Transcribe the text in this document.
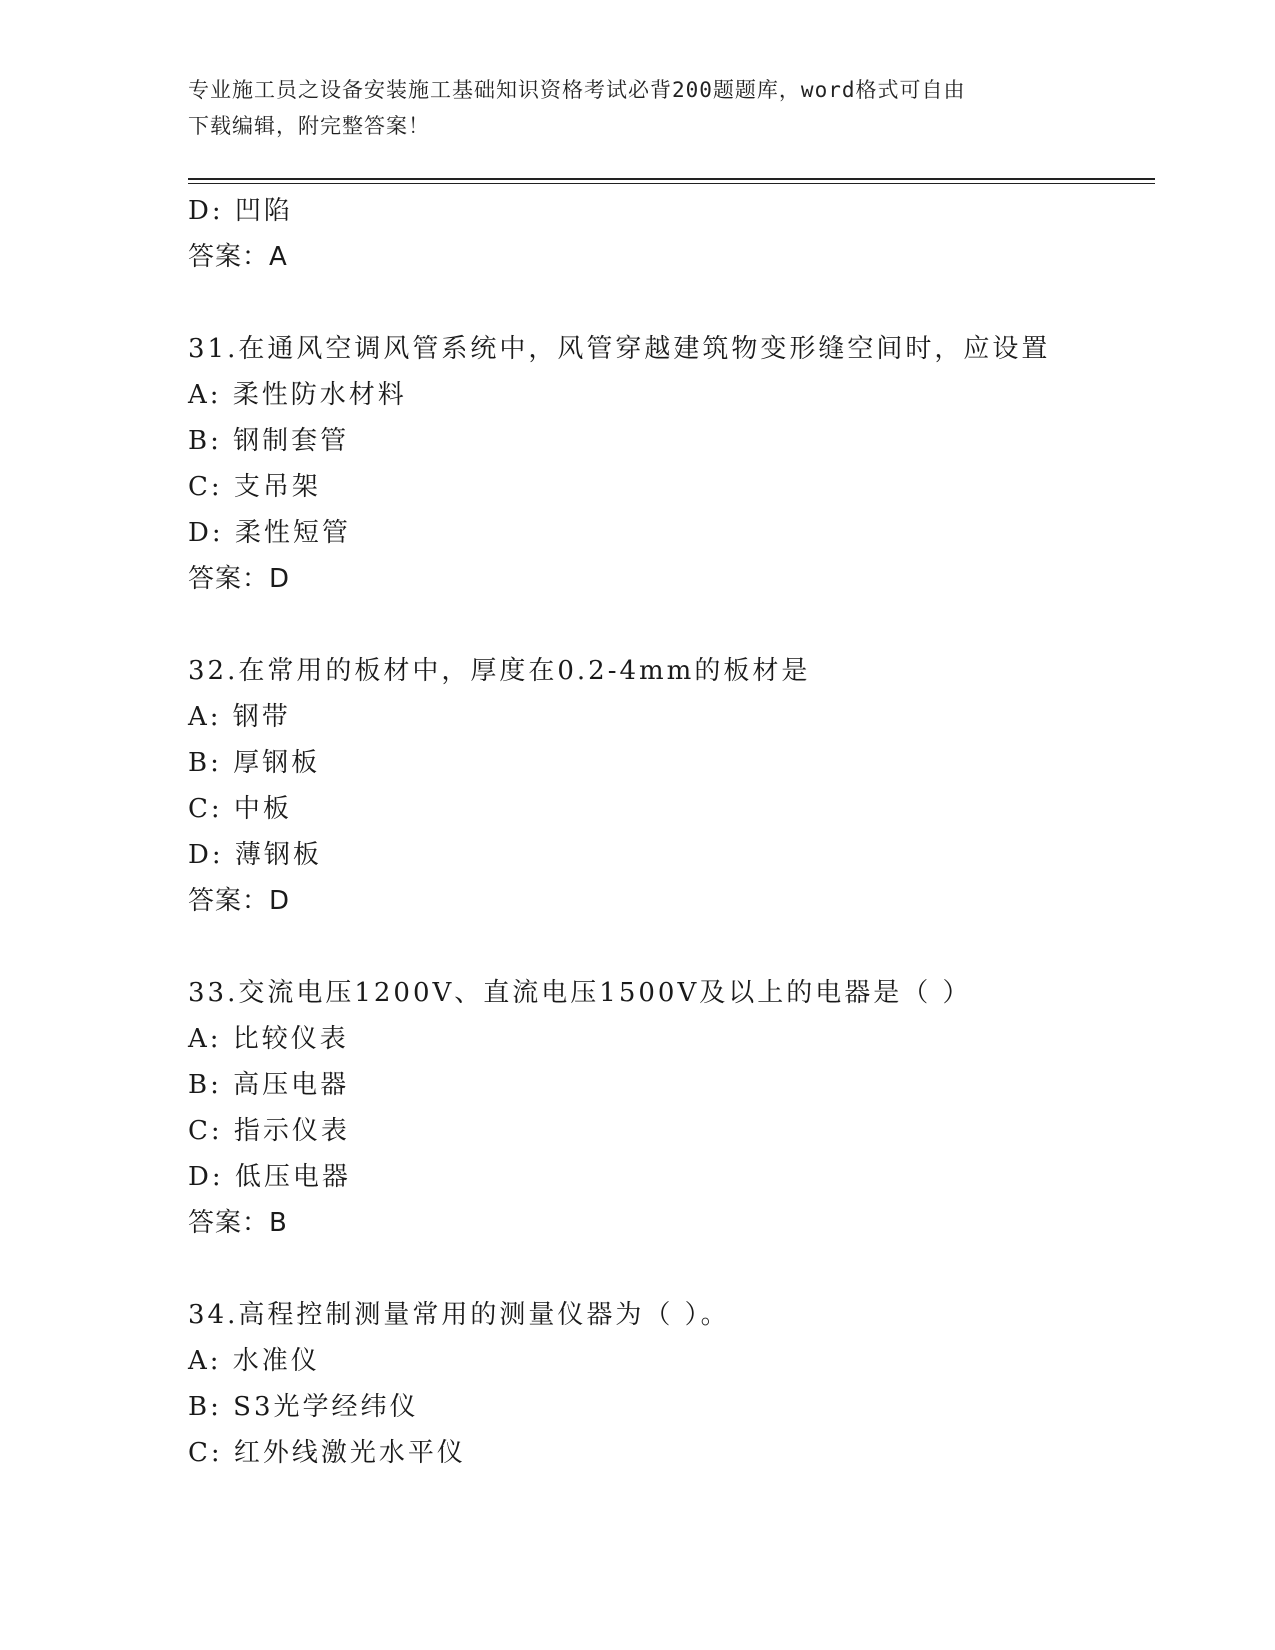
专业施工员之设备安装施工基础知识资格考试必背200题题库，word格式可自由
下载编辑，附完整答案！
D: 凹陷
答案：A
31.在通风空调风管系统中，风管穿越建筑物变形缝空间时，应设置
A: 柔性防水材料
B: 钢制套管
C: 支吊架
D: 柔性短管
答案：D
32.在常用的板材中，厚度在0.2-4mm的板材是
A: 钢带
B: 厚钢板
C: 中板
D: 薄钢板
答案：D
33.交流电压1200V、直流电压1500V及以上的电器是（ ）
A: 比较仪表
B: 高压电器
C: 指示仪表
D: 低压电器
答案：B
34.高程控制测量常用的测量仪器为（ ）。
A: 水准仪
B: S3光学经纬仪
C: 红外线激光水平仪
